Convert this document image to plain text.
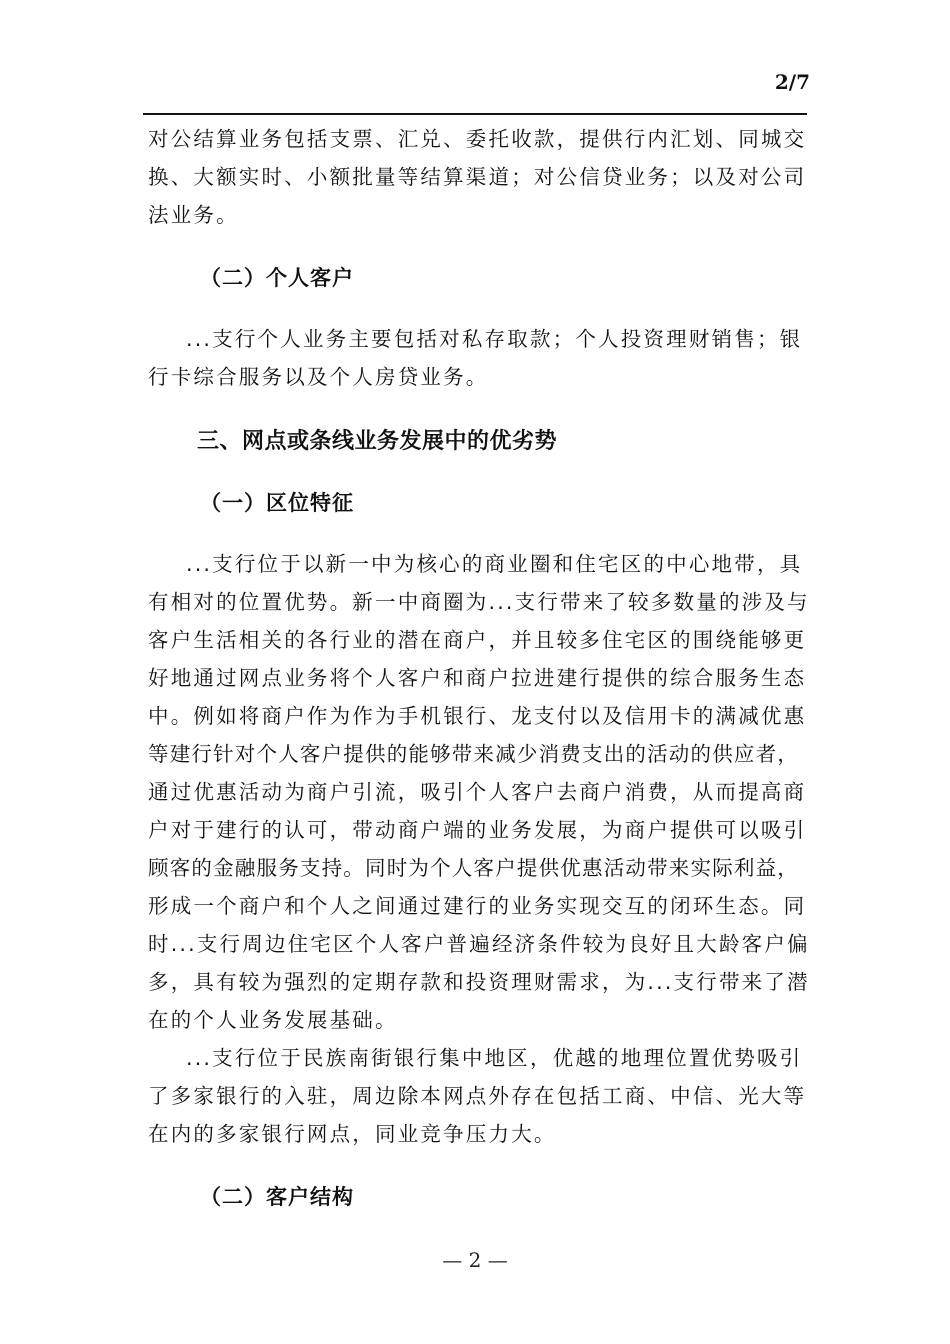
2/7
对公结算业务包括支票、汇兑、委托收款，提供行内汇划、同城交
换、大额实时、小额批量等结算渠道；对公信贷业务；以及对公司
法业务。
（二）个人客户
...支行个人业务主要包括对私存取款；个人投资理财销售；银
行卡综合服务以及个人房贷业务。
三、网点或条线业务发展中的优劣势
（一）区位特征
...支行位于以新一中为核心的商业圈和住宅区的中心地带，具
有相对的位置优势。新一中商圈为...支行带来了较多数量的涉及与
客户生活相关的各行业的潜在商户，并且较多住宅区的围绕能够更
好地通过网点业务将个人客户和商户拉进建行提供的综合服务生态
中。例如将商户作为作为手机银行、龙支付以及信用卡的满减优惠
等建行针对个人客户提供的能够带来减少消费支出的活动的供应者，
通过优惠活动为商户引流，吸引个人客户去商户消费，从而提高商
户对于建行的认可，带动商户端的业务发展，为商户提供可以吸引
顾客的金融服务支持。同时为个人客户提供优惠活动带来实际利益，
形成一个商户和个人之间通过建行的业务实现交互的闭环生态。同
时...支行周边住宅区个人客户普遍经济条件较为良好且大龄客户偏
多，具有较为强烈的定期存款和投资理财需求，为...支行带来了潜
在的个人业务发展基础。
...支行位于民族南街银行集中地区，优越的地理位置优势吸引
了多家银行的入驻，周边除本网点外存在包括工商、中信、光大等
在内的多家银行网点，同业竞争压力大。
（二）客户结构
— 2 —
